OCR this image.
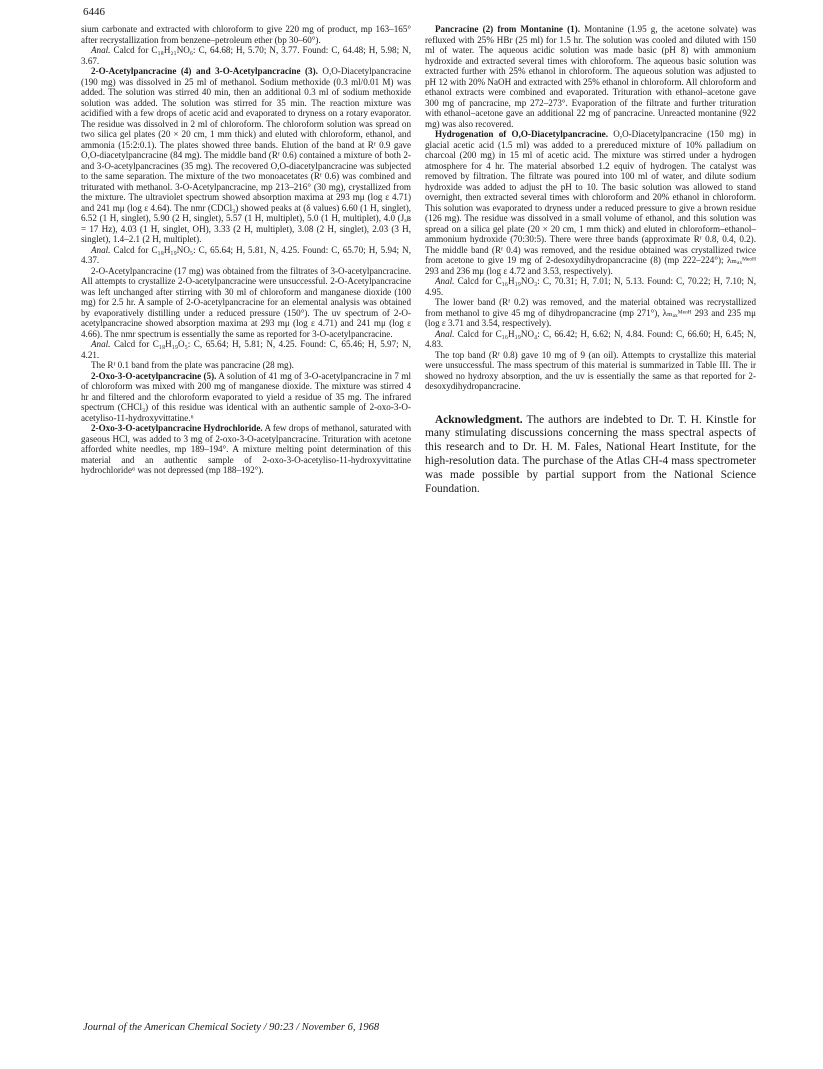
6446

sium carbonate and extracted with chloroform to give 220 mg of product, mp 163–165° after recrystallization from benzene–petroleum ether (bp 30–60°).

Anal. Calcd for C₁₈H₂₁NO₆: C, 64.68; H, 5.70; N, 3.77. Found: C, 64.48; H, 5.98; N, 3.67.

2-O-Acetylpancracine (4) and 3-O-Acetylpancracine (3). O,O-Diacetylpancracine (190 mg) was dissolved in 25 ml of methanol. Sodium methoxide (0.3 ml/0.01 M) was added. The solution was stirred 40 min, then an additional 0.3 ml of sodium methoxide solution was added. The solution was stirred for 35 min. The reaction mixture was acidified with a few drops of acetic acid and evaporated to dryness on a rotary evaporator. The residue was dissolved in 2 ml of chloroform. The chloroform solution was spread on two silica gel plates (20 × 20 cm, 1 mm thick) and eluted with chloroform, ethanol, and ammonia (15:2:0.1). The plates showed three bands. Elution of the band at Rᶠ 0.9 gave O,O-diacetylpancracine (84 mg). The middle band (Rᶠ 0.6) contained a mixture of both 2- and 3-O-acetylpancracines (35 mg). The recovered O,O-diacetylpancracine was subjected to the same separation. The mixture of the two monoacetates (Rᶠ 0.6) was combined and triturated with methanol. 3-O-Acetylpancracine, mp 213–216° (30 mg), crystallized from the mixture. The ultraviolet spectrum showed absorption maxima at 293 mμ (log ε 4.71) and 241 mμ (log ε 4.64). The nmr (CDCl₃) showed peaks at (δ values) 6.60 (1 H, singlet), 6.52 (1 H, singlet), 5.90 (2 H, singlet), 5.57 (1 H, multiplet), 5.0 (1 H, multiplet), 4.0 (Jₐʙ = 17 Hz), 4.03 (1 H, singlet, OH), 3.33 (2 H, multiplet), 3.08 (2 H, singlet), 2.03 (3 H, singlet), 1.4–2.1 (2 H, multiplet).

Anal. Calcd for C₁₈H₁₉NO₅: C, 65.64; H, 5.81, N, 4.25. Found: C, 65.70; H, 5.94; N, 4.37.

2-O-Acetylpancracine (17 mg) was obtained from the filtrates of 3-O-acetylpancracine. All attempts to crystallize 2-O-acetylpancracine were unsuccessful. 2-O-Acetylpancracine was left unchanged after stirring with 30 ml of chloroform and manganese dioxide (100 mg) for 2.5 hr. A sample of 2-O-acetylpancracine for an elemental analysis was obtained by evaporatively distilling under a reduced pressure (150°). The uv spectrum of 2-O-acetylpancracine showed absorption maxima at 293 mμ (log ε 4.71) and 241 mμ (log ε 4.66). The nmr spectrum is essentially the same as reported for 3-O-acetylpancracine.

Anal. Calcd for C₁₈H₁₉O₅: C, 65.64; H, 5.81; N, 4.25. Found: C, 65.46; H, 5.97; N, 4.21.

The Rᶠ 0.1 band from the plate was pancracine (28 mg).

2-Oxo-3-O-acetylpancracine (5). A solution of 41 mg of 3-O-acetylpancracine in 7 ml of chloroform was mixed with 200 mg of manganese dioxide. The mixture was stirred 4 hr and filtered and the chloroform evaporated to yield a residue of 35 mg. The infrared spectrum (CHCl₃) of this residue was identical with an authentic sample of 2-oxo-3-O-acetyliso-11-hydroxyvittatine.⁶

2-Oxo-3-O-acetylpancracine Hydrochloride. A few drops of methanol, saturated with gaseous HCl, was added to 3 mg of 2-oxo-3-O-acetylpancracine. Trituration with acetone afforded white needles, mp 189–194°. A mixture melting point determination of this material and an authentic sample of 2-oxo-3-O-acetyliso-11-hydroxyvittatine hydrochloride⁶ was not depressed (mp 188–192°).

Pancracine (2) from Montanine (1). Montanine (1.95 g, the acetone solvate) was refluxed with 25% HBr (25 ml) for 1.5 hr. The solution was cooled and diluted with 150 ml of water. The aqueous acidic solution was made basic (pH 8) with ammonium hydroxide and extracted several times with chloroform. The aqueous basic solution was extracted further with 25% ethanol in chloroform. The aqueous solution was adjusted to pH 12 with 20% NaOH and extracted with 25% ethanol in chloroform. All chloroform and ethanol extracts were combined and evaporated. Trituration with ethanol–acetone gave 300 mg of pancracine, mp 272–273°. Evaporation of the filtrate and further trituration with ethanol–acetone gave an additional 22 mg of pancracine. Unreacted montanine (922 mg) was also recovered.

Hydrogenation of O,O-Diacetylpancracine. O,O-Diacetylpancracine (150 mg) in glacial acetic acid (1.5 ml) was added to a prereduced mixture of 10% palladium on charcoal (200 mg) in 15 ml of acetic acid. The mixture was stirred under a hydrogen atmosphere for 4 hr. The material absorbed 1.2 equiv of hydrogen. The catalyst was removed by filtration. The filtrate was poured into 100 ml of water, and dilute sodium hydroxide was added to adjust the pH to 10. The basic solution was allowed to stand overnight, then extracted several times with chloroform and 20% ethanol in chloroform. This solution was evaporated to dryness under a reduced pressure to give a brown residue (126 mg). The residue was dissolved in a small volume of ethanol, and this solution was spread on a silica gel plate (20 × 20 cm, 1 mm thick) and eluted in chloroform–ethanol–ammonium hydroxide (70:30:5). There were three bands (approximate Rᶠ 0.8, 0.4, 0.2). The middle band (Rᶠ 0.4) was removed, and the residue obtained was crystallized twice from acetone to give 19 mg of 2-desoxydihydropancracine (8) (mp 222–224°); λₘₐₓᴹᵉᵒᴴ 293 and 236 mμ (log ε 4.72 and 3.53, respectively).

Anal. Calcd for C₁₆H₁₉NO₃: C, 70.31; H, 7.01; N, 5.13. Found: C, 70.22; H, 7.10; N, 4.95.

The lower band (Rᶠ 0.2) was removed, and the material obtained was recrystallized from methanol to give 45 mg of dihydropancracine (mp 271°), λₘₐₓᴹᵉᵒᴴ 293 and 235 mμ (log ε 3.71 and 3.54, respectively).

Anal. Calcd for C₁₆H₁₉NO₄: C, 66.42; H, 6.62; N, 4.84. Found: C, 66.60; H, 6.45; N, 4.83.

The top band (Rᶠ 0.8) gave 10 mg of 9 (an oil). Attempts to crystallize this material were unsuccessful. The mass spectrum of this material is summarized in Table III. The ir showed no hydroxy absorption, and the uv is essentially the same as that reported for 2-desoxydihydropancracine.

Acknowledgment. The authors are indebted to Dr. T. H. Kinstle for many stimulating discussions concerning the mass spectral aspects of this research and to Dr. H. M. Fales, National Heart Institute, for the high-resolution data. The purchase of the Atlas CH-4 mass spectrometer was made possible by partial support from the National Science Foundation.

Journal of the American Chemical Society / 90:23 / November 6, 1968
